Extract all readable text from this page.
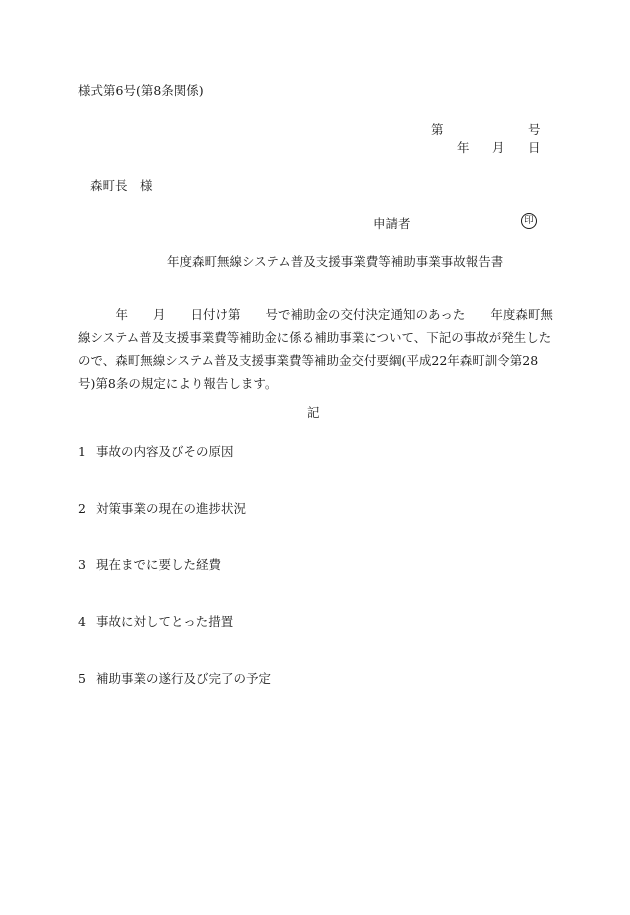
様式第6号(第8条関係)
第	号
年 月 日
森町長　様
申請者	印
年度森町無線システム普及支援事業費等補助事業事故報告書
　　　年　　月　　日付け第　　号で補助金の交付決定通知のあった　　年度森町無線システム普及支援事業費等補助金に係る補助事業について、下記の事故が発生したので、森町無線システム普及支援事業費等補助金交付要綱(平成22年森町訓令第28号)第8条の規定により報告します。
記
1 事故の内容及びその原因
2 対策事業の現在の進捗状況
3 現在までに要した経費
4 事故に対してとった措置
5 補助事業の遂行及び完了の予定
